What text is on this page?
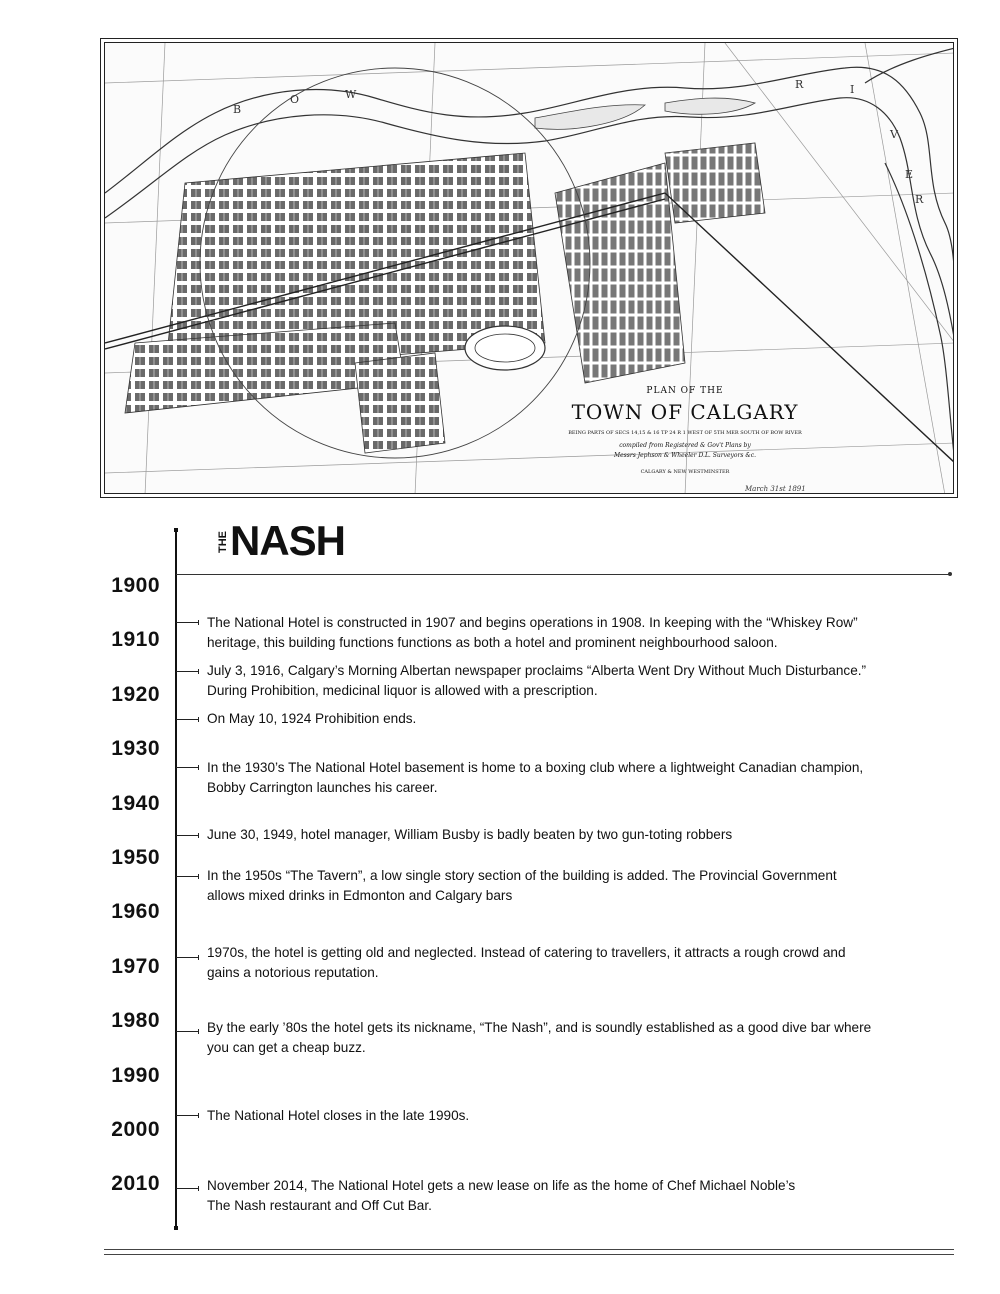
B
O	W
R	I
V
E
R
PLAN OF THE
TOWN OF CALGARY
BEING PARTS OF SECS 14,15 & 16 TP 24 R 1 WEST OF 5TH MER SOUTH OF BOW RIVER
compiled from Registered & Gov't Plans by
Messrs Jephson & Wheeler D.L. Surveyors &c.
CALGARY & NEW WESTMINSTER
March 31st 1891
THE NASH
1900
1910
1920
1930
1940
1950
1960
1970
1980
1990
2000
2010
The National Hotel is constructed in 1907 and begins operations in 1908. In keeping with the “Whiskey Row”
heritage, this building functions functions as both a hotel and prominent neighbourhood saloon.
July 3, 1916, Calgary’s Morning Albertan newspaper proclaims “Alberta Went Dry Without Much Disturbance.”
During Prohibition, medicinal liquor is allowed with a prescription.
On May 10, 1924 Prohibition ends.
In the 1930’s The National Hotel basement is home to a boxing club where a lightweight Canadian champion,
Bobby Carrington launches his career.
June 30, 1949, hotel manager, William Busby is badly beaten by two gun-toting robbers
In the 1950s “The Tavern”, a low single story section of the building is added. The Provincial Government
allows mixed drinks in Edmonton and Calgary bars
1970s, the hotel is getting old and neglected. Instead of catering to travellers, it attracts a rough crowd and
gains a notorious reputation.
By the early ’80s the hotel gets its nickname, “The Nash”, and is soundly established as a good dive bar where
you can get a cheap buzz.
The National Hotel closes in the late 1990s.
November 2014, The National Hotel gets a new lease on life as the home of Chef Michael Noble’s
The Nash restaurant and Off Cut Bar.
